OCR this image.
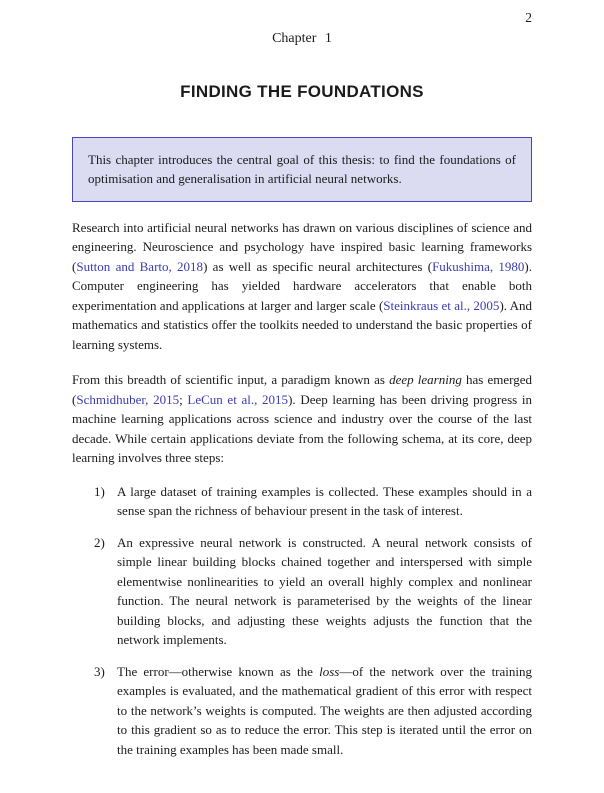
2
Chapter 1
FINDING THE FOUNDATIONS
This chapter introduces the central goal of this thesis: to find the foundations of optimisation and generalisation in artificial neural networks.

Research into artificial neural networks has drawn on various disciplines of science and engineering. Neuroscience and psychology have inspired basic learning frameworks (Sutton and Barto, 2018) as well as specific neural architectures (Fukushima, 1980). Computer engineering has yielded hardware accelerators that enable both experimentation and applications at larger and larger scale (Steinkraus et al., 2005). And mathematics and statistics offer the toolkits needed to understand the basic properties of learning systems.

From this breadth of scientific input, a paradigm known as deep learning has emerged (Schmidhuber, 2015; LeCun et al., 2015). Deep learning has been driving progress in machine learning applications across science and industry over the course of the last decade. While certain applications deviate from the following schema, at its core, deep learning involves three steps:

1) A large dataset of training examples is collected. These examples should in a sense span the richness of behaviour present in the task of interest.
2) An expressive neural network is constructed. A neural network consists of simple linear building blocks chained together and interspersed with simple elementwise nonlinearities to yield an overall highly complex and nonlinear function. The neural network is parameterised by the weights of the linear building blocks, and adjusting these weights adjusts the function that the network implements.
3) The error—otherwise known as the loss—of the network over the training examples is evaluated, and the mathematical gradient of this error with respect to the network’s weights is computed. The weights are then adjusted according to this gradient so as to reduce the error. This step is iterated until the error on the training examples has been made small.
